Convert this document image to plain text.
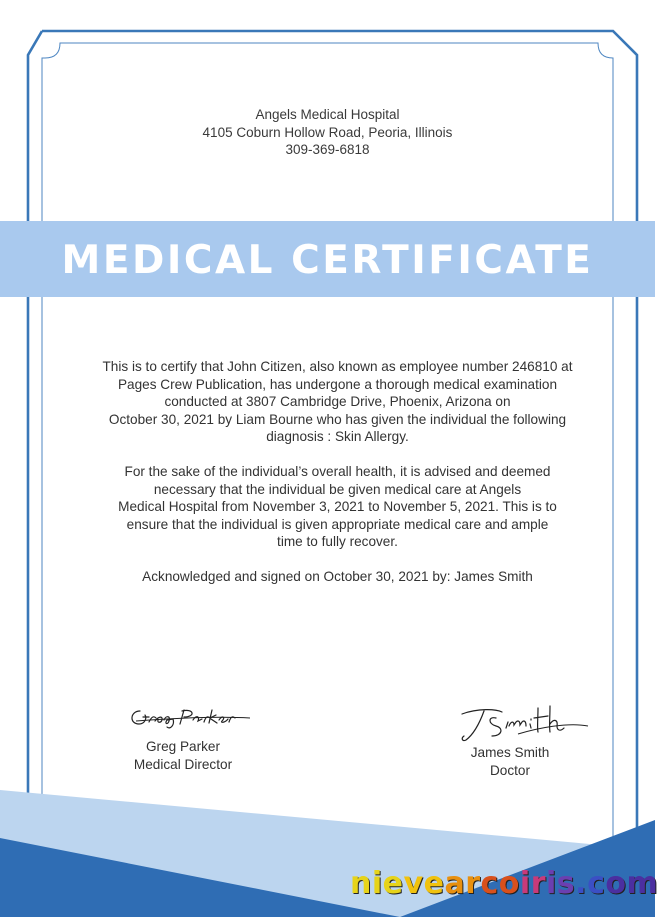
Angels Medical Hospital
4105 Coburn Hollow Road, Peoria, Illinois
309-369-6818
MEDICAL CERTIFICATE
This is to certify that John Citizen, also known as employee number 246810 at
Pages Crew Publication, has undergone a thorough medical examination
conducted at 3807 Cambridge Drive, Phoenix, Arizona on
October 30, 2021 by Liam Bourne who has given the individual the following
diagnosis : Skin Allergy.
For the sake of the individual’s overall health, it is advised and deemed
necessary that the individual be given medical care at Angels
Medical Hospital from November 3, 2021 to November 5, 2021. This is to
ensure that the individual is given appropriate medical care and ample
time to fully recover.
Acknowledged and signed on October 30, 2021 by: James Smith
Greg Parker
Medical Director
James Smith
Doctor
nievearcoiris.com
